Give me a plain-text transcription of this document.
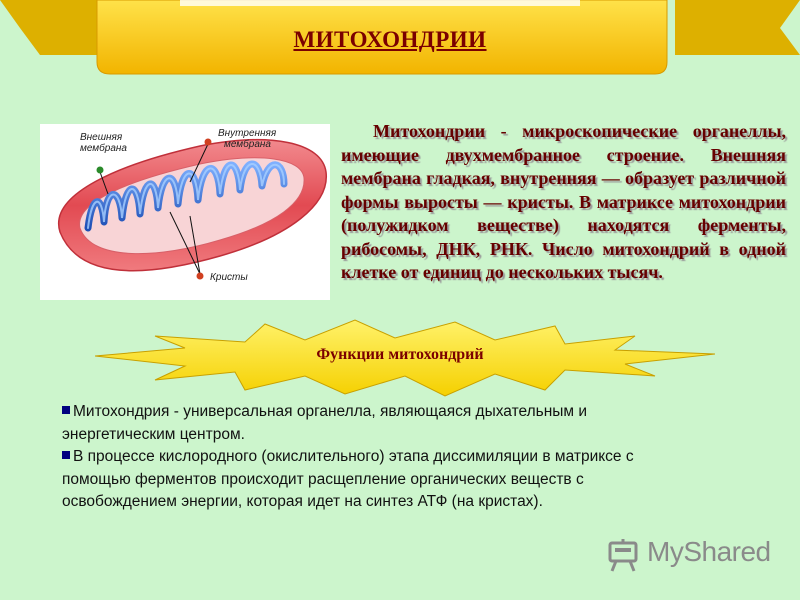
МИТОХОНДРИИ
Внешняя
мембрана
Внутренняя
мембрана
Кристы
Митохондрии - микроскопические органеллы, имеющие двухмембранное строение. Внешняя мембрана гладкая, внутренняя — образует различной формы выросты — кристы. В матриксе митохондрии (полужидком веществе) находятся ферменты, рибосомы, ДНК, РНК. Число митохондрий в одной клетке от единиц до нескольких тысяч.
Функции митохондрий
Митохондрия - универсальная органелла, являющаяся дыхательным и энергетическим центром.
В процессе кислородного (окислительного) этапа диссимиляции в матриксе с помощью ферментов происходит расщепление органических веществ с освобождением энергии, которая идет на синтез АТФ (на кристах).
MyShared
